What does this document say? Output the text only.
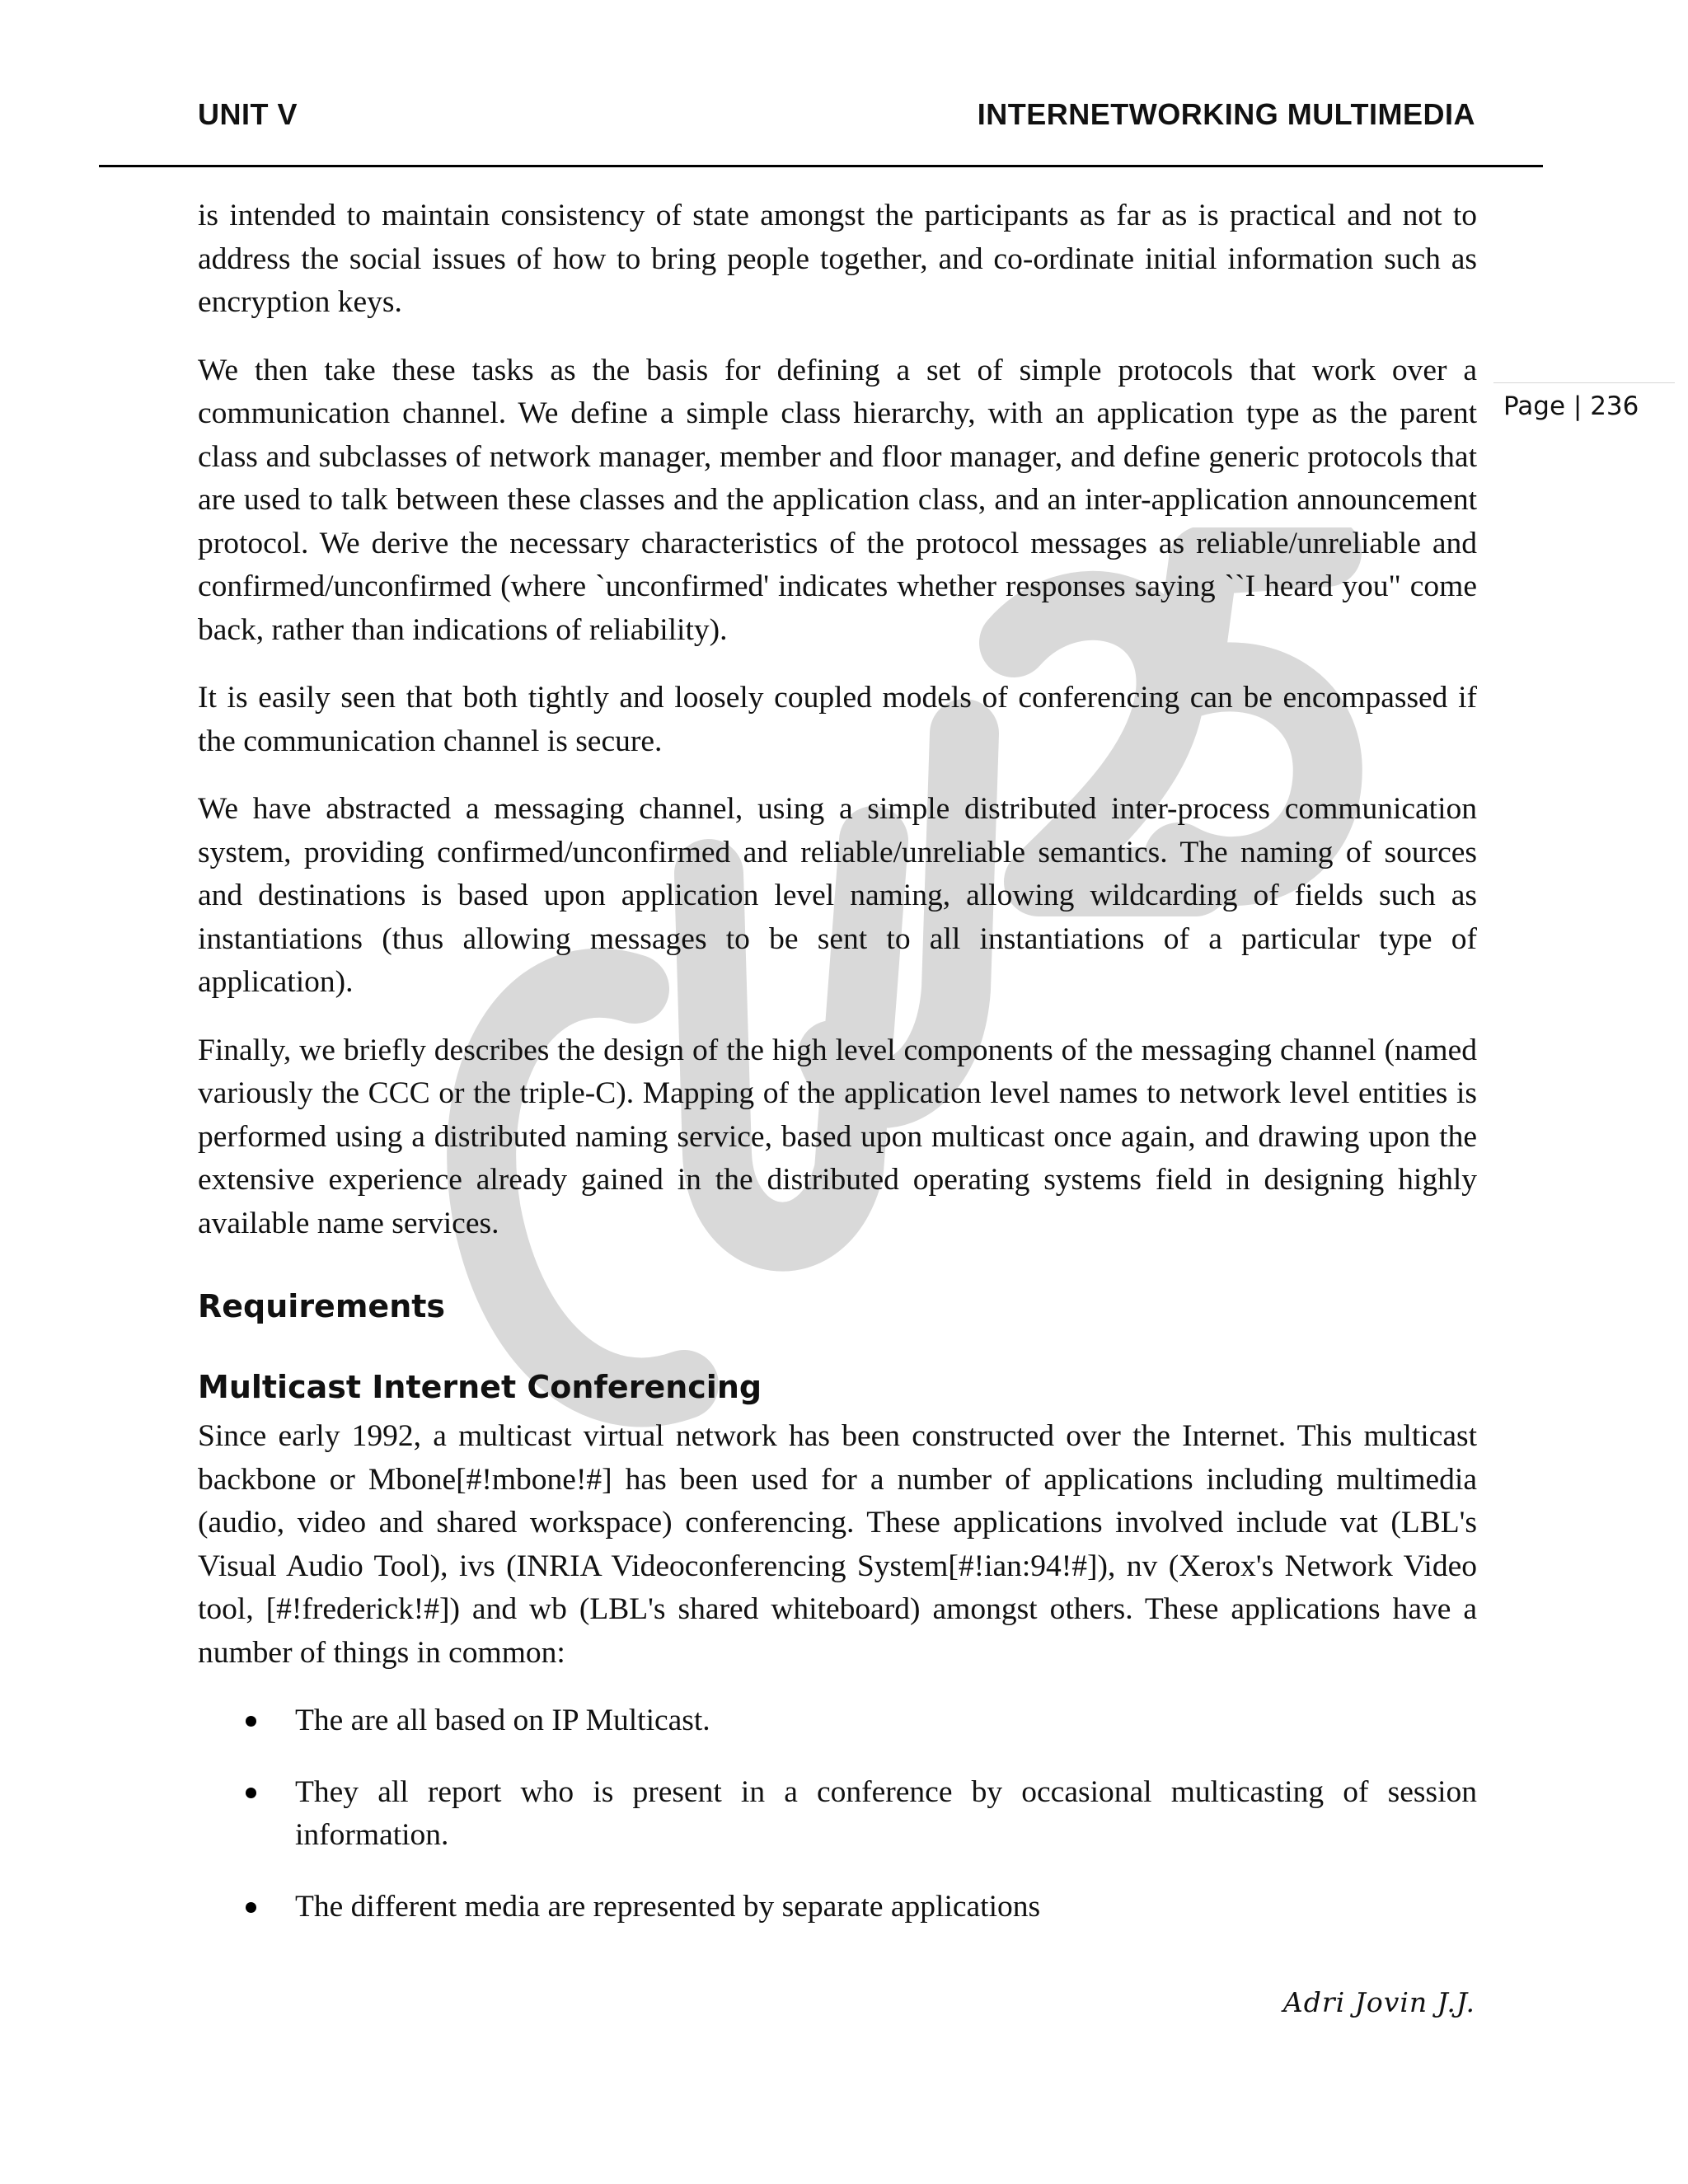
UNIT V	INTERNETWORKING MULTIMEDIA
Page | 236

is intended to maintain consistency of state amongst the participants as far as is practical and not to address the social issues of how to bring people together, and co-ordinate initial information such as encryption keys.

We then take these tasks as the basis for defining a set of simple protocols that work over a communication channel. We define a simple class hierarchy, with an application type as the parent class and subclasses of network manager, member and floor manager, and define generic protocols that are used to talk between these classes and the application class, and an inter-application announcement protocol. We derive the necessary characteristics of the protocol messages as reliable/unreliable and confirmed/unconfirmed (where `unconfirmed' indicates whether responses saying ``I heard you" come back, rather than indications of reliability).

It is easily seen that both tightly and loosely coupled models of conferencing can be encompassed if the communication channel is secure.

We have abstracted a messaging channel, using a simple distributed inter-process communication system, providing confirmed/unconfirmed and reliable/unreliable semantics. The naming of sources and destinations is based upon application level naming, allowing wildcarding of fields such as instantiations (thus allowing messages to be sent to all instantiations of a particular type of application).

Finally, we briefly describes the design of the high level components of the messaging channel (named variously the CCC or the triple-C). Mapping of the application level names to network level entities is performed using a distributed naming service, based upon multicast once again, and drawing upon the extensive experience already gained in the distributed operating systems field in designing highly available name services.

Requirements
Multicast Internet Conferencing

Since early 1992, a multicast virtual network has been constructed over the Internet. This multicast backbone or Mbone[#!mbone!#] has been used for a number of applications including multimedia (audio, video and shared workspace) conferencing. These applications involved include vat (LBL's Visual Audio Tool), ivs (INRIA Videoconferencing System[#!ian:94!#]), nv (Xerox's Network Video tool, [#!frederick!#]) and wb (LBL's shared whiteboard) amongst others. These applications have a number of things in common:

The are all based on IP Multicast.
They all report who is present in a conference by occasional multicasting of session information.
The different media are represented by separate applications
Adri Jovin J.J.
